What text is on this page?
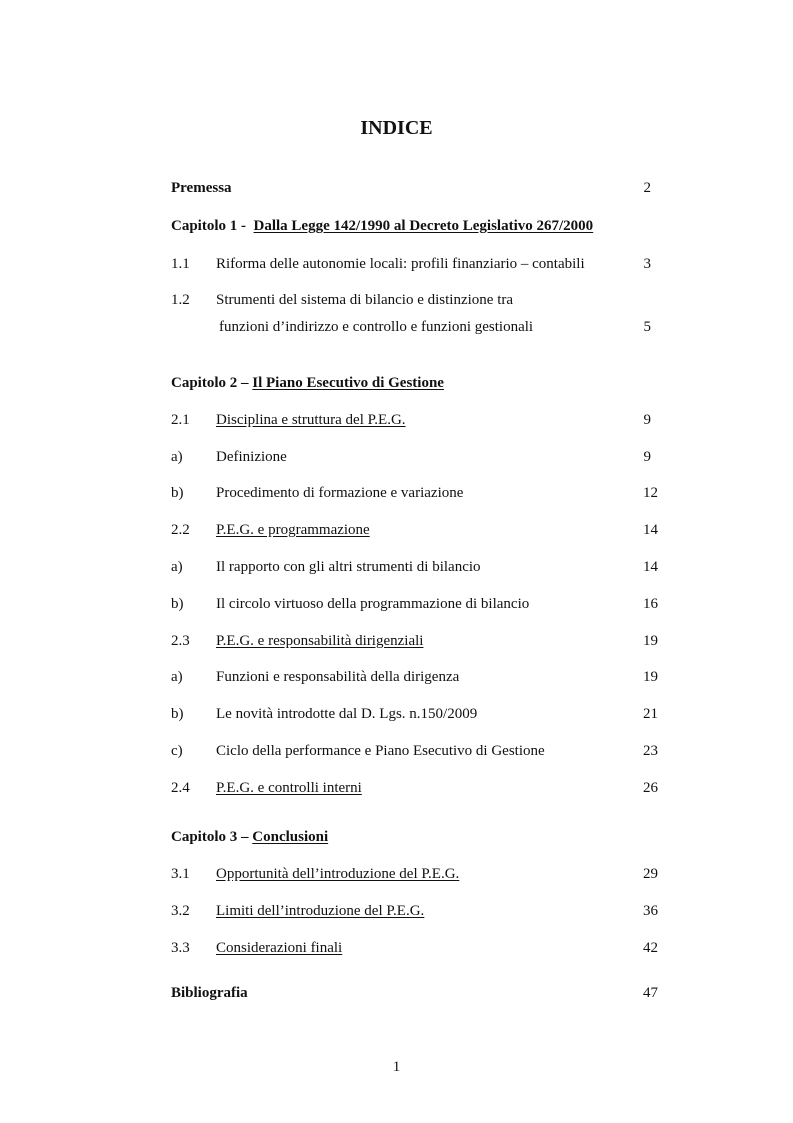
INDICE
Premessa	2
Capitolo 1 - Dalla Legge 142/1990 al Decreto Legislativo 267/2000
1.1 Riforma delle autonomie locali: profili finanziario – contabili	3
1.2 Strumenti del sistema di bilancio e distinzione tra
funzioni d’indirizzo e controllo e funzioni gestionali	5
Capitolo 2 – Il Piano Esecutivo di Gestione
2.1 Disciplina e struttura del P.E.G.	9
a) Definizione	9
b) Procedimento di formazione e variazione	12
2.2 P.E.G. e programmazione	14
a) Il rapporto con gli altri strumenti di bilancio	14
b) Il circolo virtuoso della programmazione di bilancio	16
2.3 P.E.G. e responsabilità dirigenziali	19
a) Funzioni e responsabilità della dirigenza	19
b) Le novità introdotte dal D. Lgs. n.150/2009	21
c) Ciclo della performance e Piano Esecutivo di Gestione	23
2.4 P.E.G. e controlli interni	26
Capitolo 3 – Conclusioni
3.1 Opportunità dell’introduzione del P.E.G.	29
3.2 Limiti dell’introduzione del P.E.G.	36
3.3 Considerazioni finali	42
Bibliografia	47
1
